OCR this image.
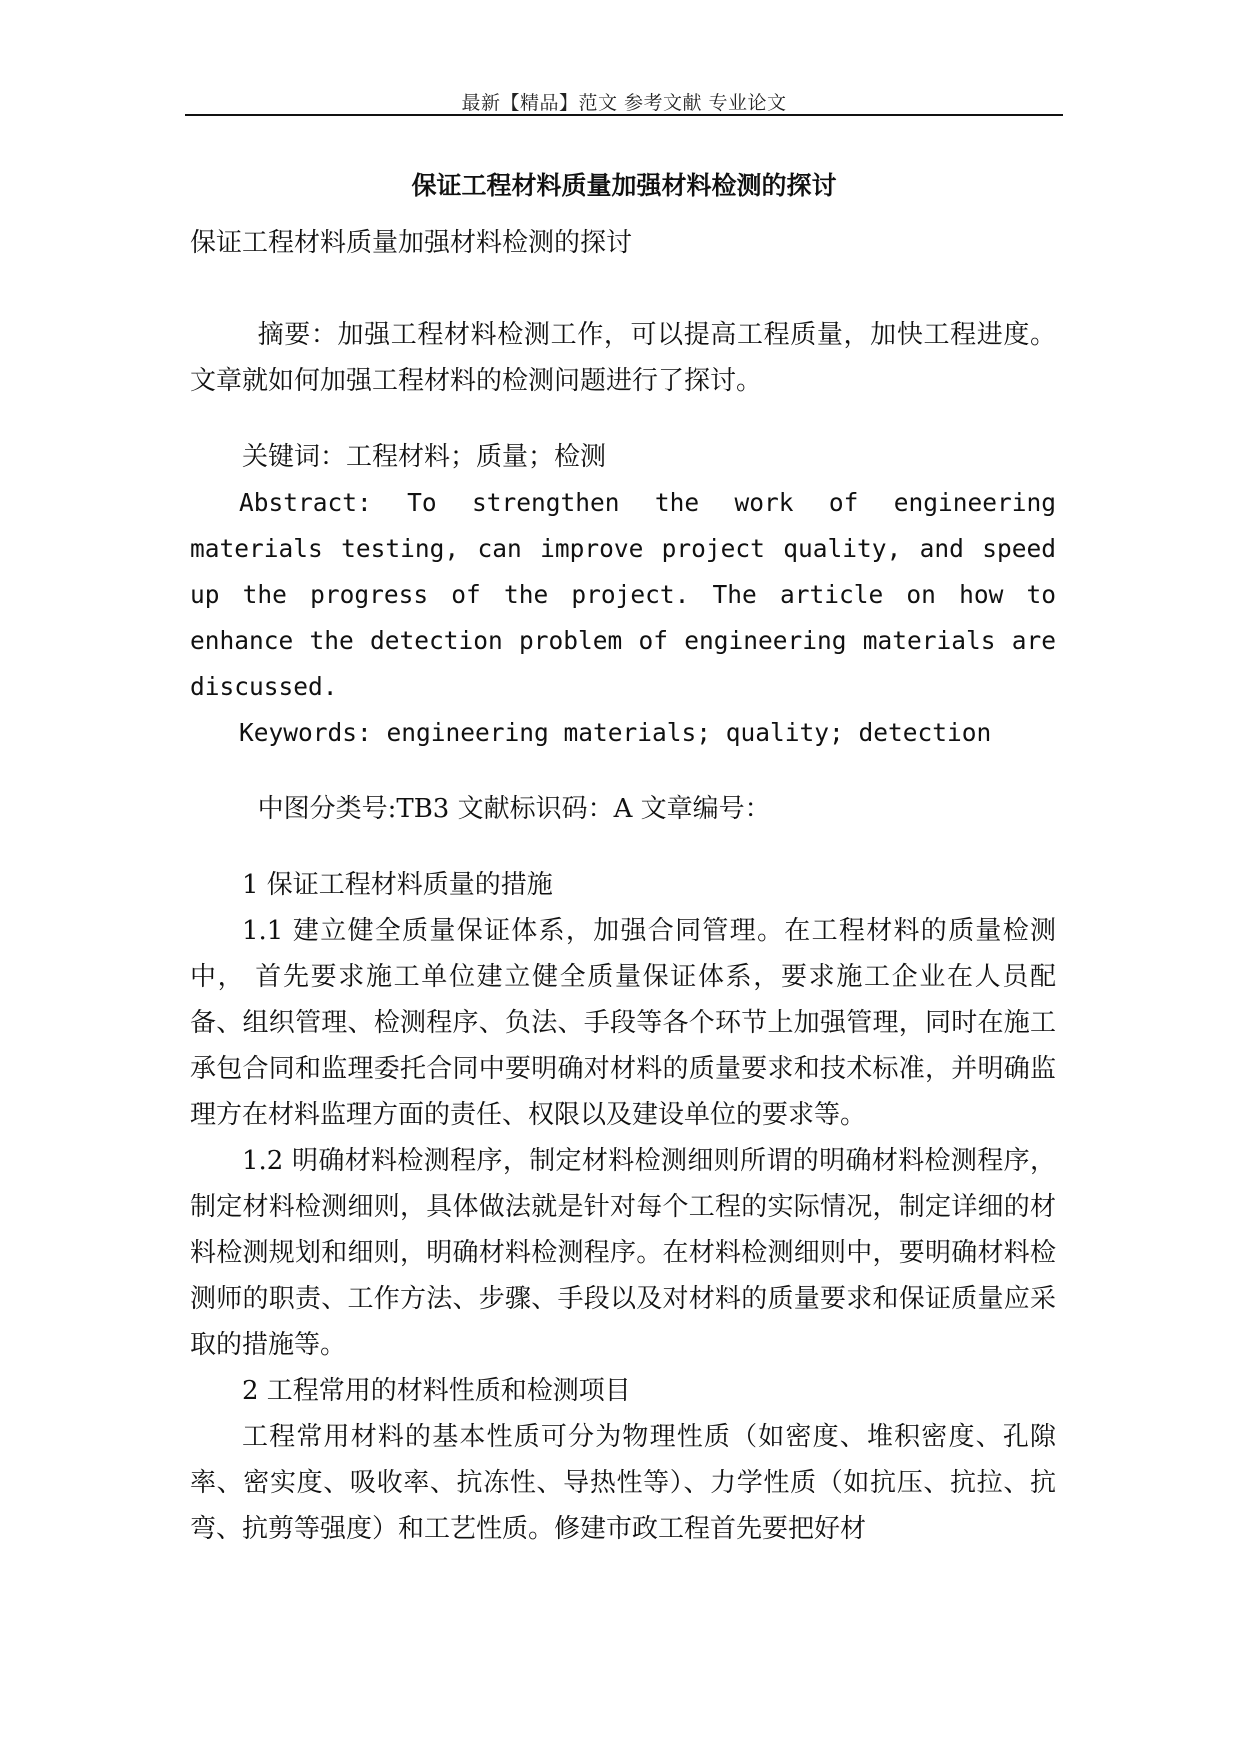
最新【精品】范文 参考文献 专业论文
保证工程材料质量加强材料检测的探讨

保证工程材料质量加强材料检测的探讨

摘要：加强工程材料检测工作，可以提高工程质量，加快工程进度。文章就如何加强工程材料的检测问题进行了探讨。

关键词：工程材料；质量；检测

Abstract: To strengthen the work of engineering materials testing, can improve project quality, and speed up the progress of the project. The article on how to enhance the detection problem of engineering materials are discussed.

Keywords: engineering materials; quality; detection

中图分类号:TB3 文献标识码：A 文章编号：

1 保证工程材料质量的措施

1.1 建立健全质量保证体系，加强合同管理。在工程材料的质量检测中， 首先要求施工单位建立健全质量保证体系，要求施工企业在人员配备、组织管理、检测程序、负法、手段等各个环节上加强管理，同时在施工承包合同和监理委托合同中要明确对材料的质量要求和技术标准，并明确监理方在材料监理方面的责任、权限以及建设单位的要求等。

1.2 明确材料检测程序，制定材料检测细则所谓的明确材料检测程序，制定材料检测细则，具体做法就是针对每个工程的实际情况，制定详细的材料检测规划和细则，明确材料检测程序。在材料检测细则中，要明确材料检测师的职责、工作方法、步骤、手段以及对材料的质量要求和保证质量应采取的措施等。

2 工程常用的材料性质和检测项目

工程常用材料的基本性质可分为物理性质（如密度、堆积密度、孔隙率、密实度、吸收率、抗冻性、导热性等）、力学性质（如抗压、抗拉、抗弯、抗剪等强度）和工艺性质。修建市政工程首先要把好材
